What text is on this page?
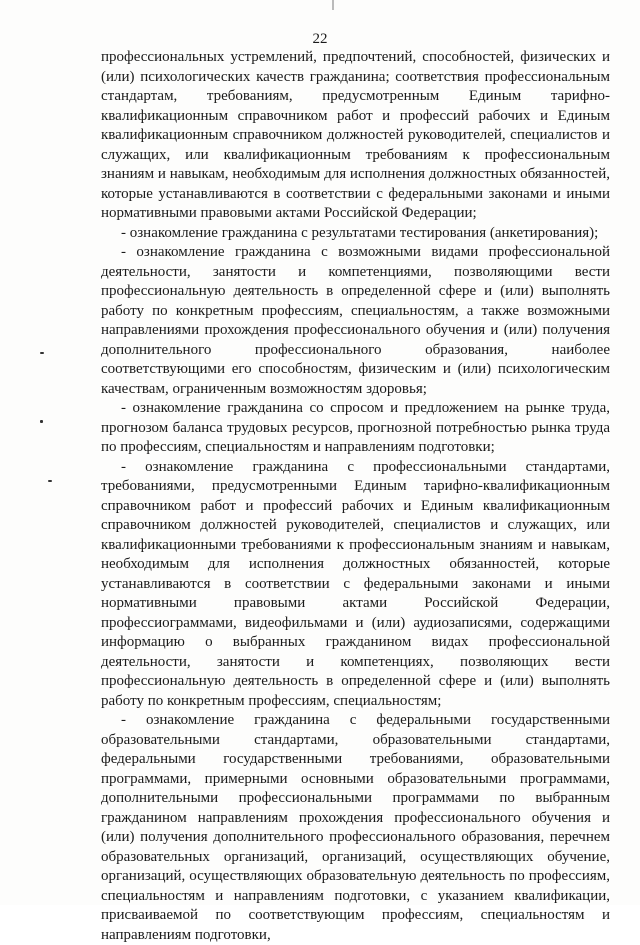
22

профессиональных устремлений, предпочтений, способностей, физических и (или) психологических качеств гражданина; соответствия профессиональным стандартам, требованиям, предусмотренным Единым тарифно-квалификационным справочником работ и профессий рабочих и Единым квалификационным справочником должностей руководителей, специалистов и служащих, или квалификационным требованиям к профессиональным знаниям и навыкам, необходимым для исполнения должностных обязанностей, которые устанавливаются в соответствии с федеральными законами и иными нормативными правовыми актами Российской Федерации;

- ознакомление гражданина с результатами тестирования (анкетирования);

- ознакомление гражданина с возможными видами профессиональной деятельности, занятости и компетенциями, позволяющими вести профессиональную деятельность в определенной сфере и (или) выполнять работу по конкретным профессиям, специальностям, а также возможными направлениями прохождения профессионального обучения и (или) получения дополнительного профессионального образования, наиболее соответствующими его способностям, физическим и (или) психологическим качествам, ограниченным возможностям здоровья;

- ознакомление гражданина со спросом и предложением на рынке труда, прогнозом баланса трудовых ресурсов, прогнозной потребностью рынка труда по профессиям, специальностям и направлениям подготовки;

- ознакомление гражданина с профессиональными стандартами, требованиями, предусмотренными Единым тарифно-квалификационным справочником работ и профессий рабочих и Единым квалификационным справочником должностей руководителей, специалистов и служащих, или квалификационными требованиями к профессиональным знаниям и навыкам, необходимым для исполнения должностных обязанностей, которые устанавливаются в соответствии с федеральными законами и иными нормативными правовыми актами Российской Федерации, профессиограммами, видеофильмами и (или) аудиозаписями, содержащими информацию о выбранных гражданином видах профессиональной деятельности, занятости и компетенциях, позволяющих вести профессиональную деятельность в определенной сфере и (или) выполнять работу по конкретным профессиям, специальностям;

- ознакомление гражданина с федеральными государственными образовательными стандартами, образовательными стандартами, федеральными государственными требованиями, образовательными программами, примерными основными образовательными программами, дополнительными профессиональными программами по выбранным гражданином направлениям прохождения профессионального обучения и (или) получения дополнительного профессионального образования, перечнем образовательных организаций, организаций, осуществляющих обучение, организаций, осуществляющих образовательную деятельность по профессиям, специальностям и направлениям подготовки, с указанием квалификации, присваиваемой по соответствующим профессиям, специальностям и направлениям подготовки,
